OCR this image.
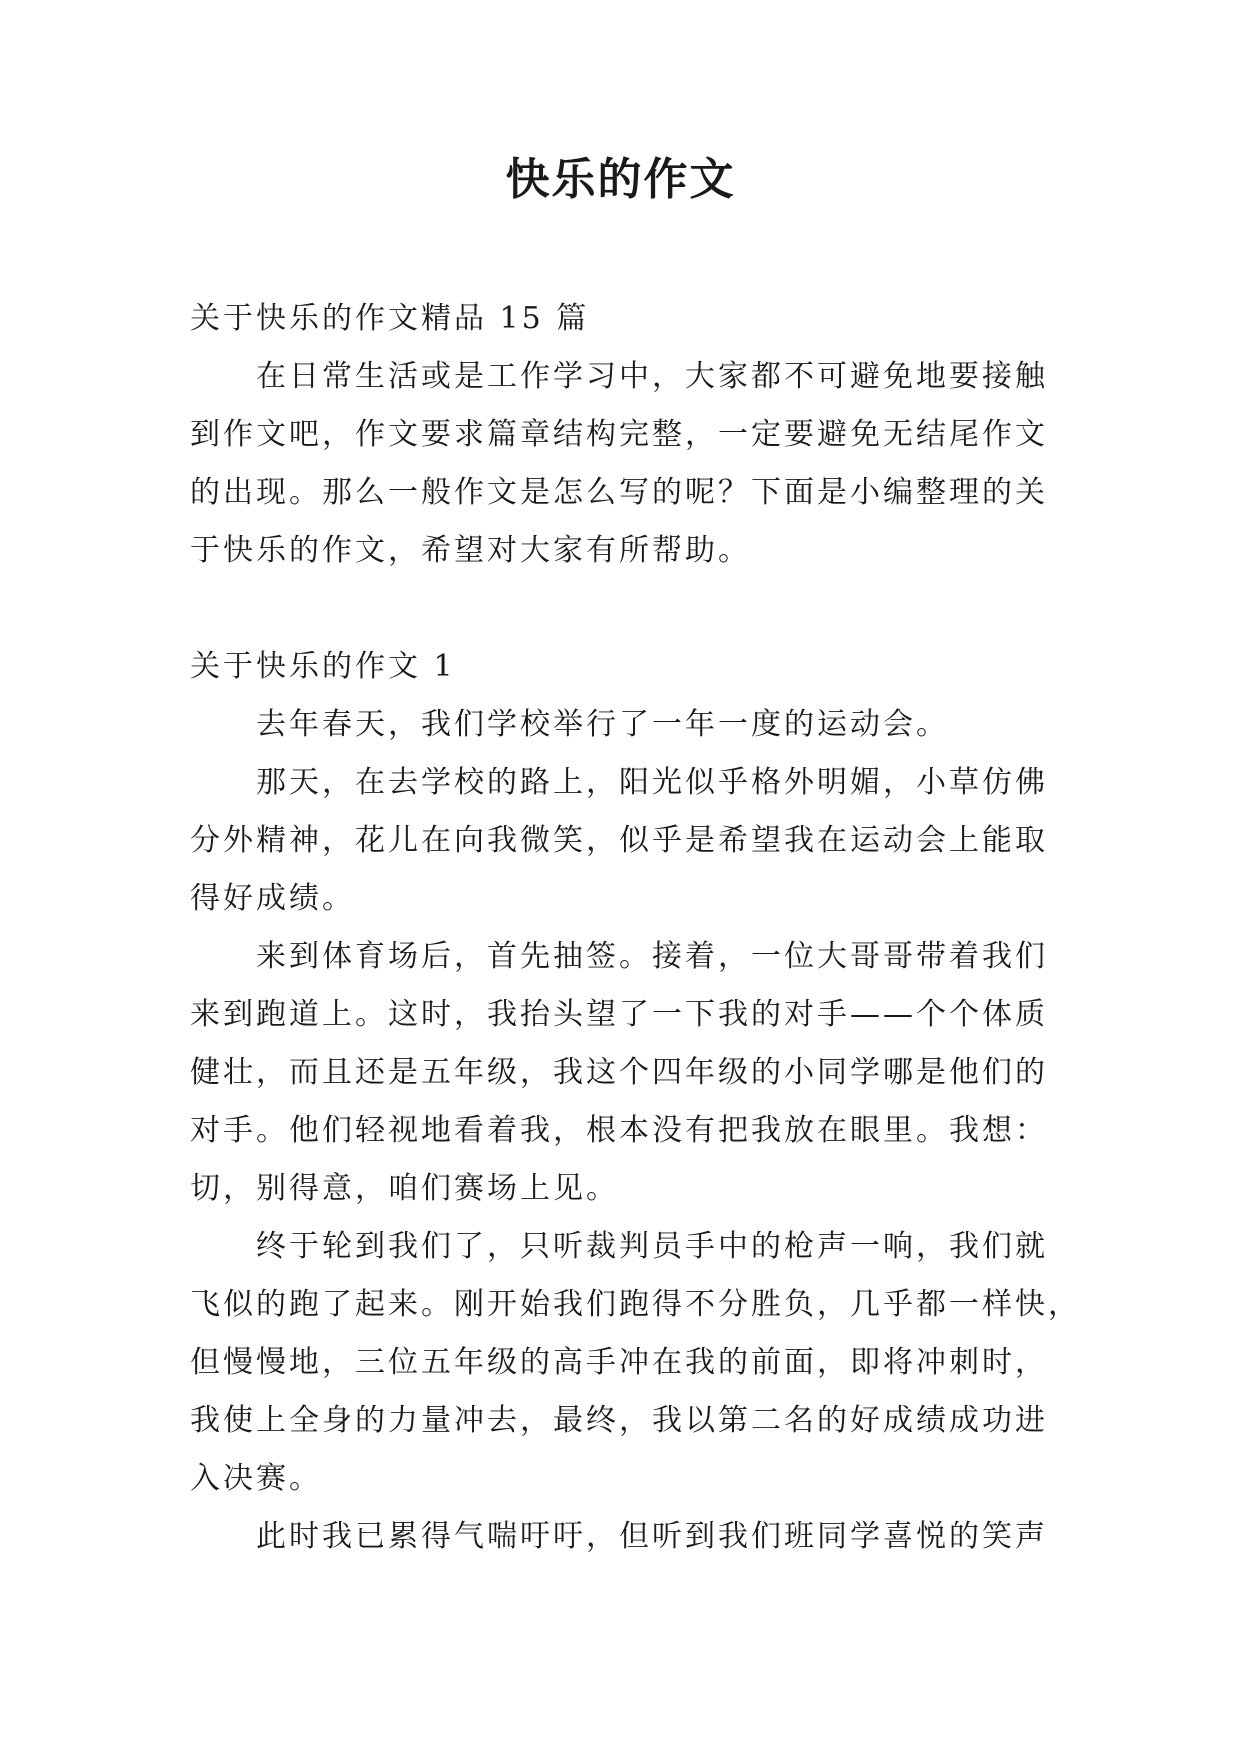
快乐的作文
关于快乐的作文精品 15 篇
在日常生活或是工作学习中，大家都不可避免地要接触
到作文吧，作文要求篇章结构完整，一定要避免无结尾作文
的出现。那么一般作文是怎么写的呢？下面是小编整理的关
于快乐的作文，希望对大家有所帮助。
关于快乐的作文 1
去年春天，我们学校举行了一年一度的运动会。
那天，在去学校的路上，阳光似乎格外明媚，小草仿佛
分外精神，花儿在向我微笑，似乎是希望我在运动会上能取
得好成绩。
来到体育场后，首先抽签。接着，一位大哥哥带着我们
来到跑道上。这时，我抬头望了一下我的对手——个个体质
健壮，而且还是五年级，我这个四年级的小同学哪是他们的
对手。他们轻视地看着我，根本没有把我放在眼里。我想：
切，别得意，咱们赛场上见。
终于轮到我们了，只听裁判员手中的枪声一响，我们就
飞似的跑了起来。刚开始我们跑得不分胜负，几乎都一样快，
但慢慢地，三位五年级的高手冲在我的前面，即将冲刺时，
我使上全身的力量冲去，最终，我以第二名的好成绩成功进
入决赛。
此时我已累得气喘吁吁，但听到我们班同学喜悦的笑声
